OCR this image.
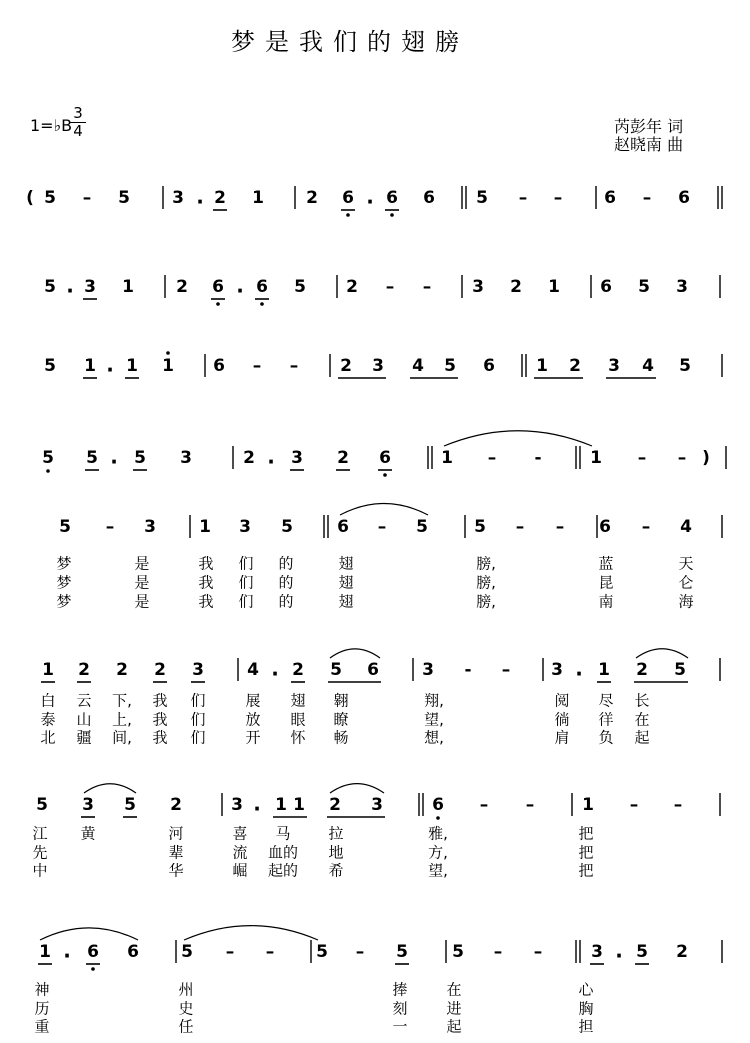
梦是我们的翅膀
1=♭B
3
4	芮彭年 词
赵晓南 曲
( 5 – 5 3 . 2 1 2 6 . 6 6 5 – – 6 – 6
5 . 3 1 2 6 . 6 5 2 – – 3 2 1 6 5 3
5 1 . 1 1 6 – – 2 3 4 5 6 1 2 3 4 5
5 5 . 5 3	2 . 3 2 6	1 – -	1 – – )
5 – 3	1 3 5	6 – 5	5 – – 6 – 4
1 2 2 2 3	4 . 2 5 6	3 - – 3 . 1 2 5
5 3 5 2	3 . 1 1 2 3	6 – –	1 – –
1 . 6 6 5 – – 5 – 5	5 – –	3 . 5 2
梦
梦
梦
是
是
是
我
我
我
们
们
们
的
的
的
翅
翅
翅
膀,
膀,
膀,
蓝
昆
南
天
仑
海
白
泰
北
云
山
疆
下,
上,
间,
我
我
我
们
们
们
展
放
开
翅
眼
怀
翱
瞭
畅
翔,
望,
想,
阅
徜
肩
尽
徉
负
长
在
起
江
先
中
黄	河
辈
华
喜
流
崛
马
血的
起的
拉
地
希
雅,
方,
望,
把
把
把
神
历
重
州
史
任
捧
刻
一
在
进
起
心
胸
担
